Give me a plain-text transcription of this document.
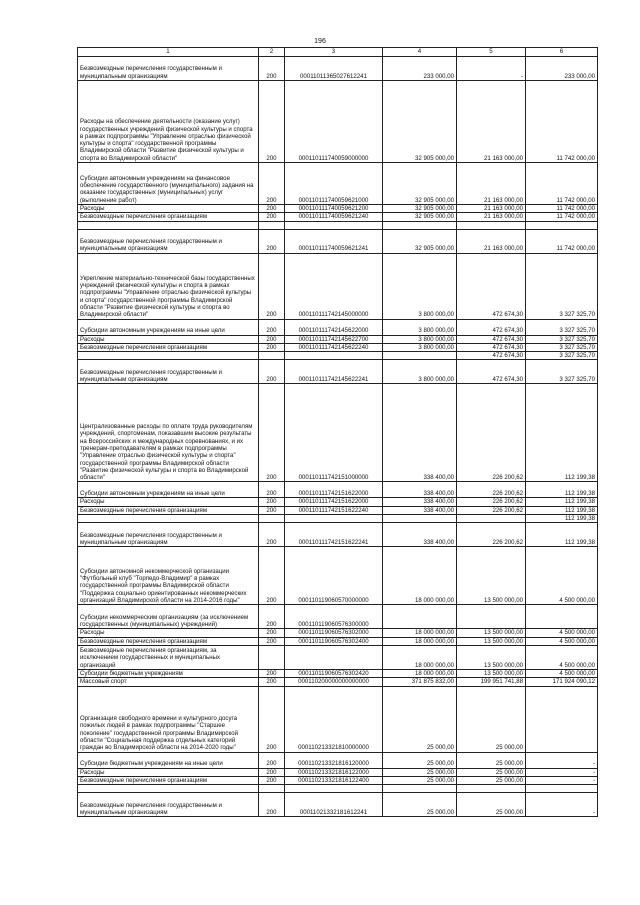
196
1	2	3	4	5	6
Безвозмездные перечисления государственным и муниципальным организациям	200	000110113650276122​41	233 000,00	-	233 000,00
Расходы на обеспечение деятельности (оказание услуг) государственных учреждений физической культуры и спорта в рамках подпрограммы "Управление отраслью физической культуры и спорта" государственной программы Владимирской области "Развитие физической культуры и спорта во Владимирской области"	200	00011011174005900000​0	32 905 000,00	21 163 000,00	11 742 000,00
Субсидии автономным учреждениям на финансовое обеспечение государственного (муниципального) задания на оказание государственных (муниципальных) услуг (выполнение работ)	200	00011011174005962100​0	32 905 000,00	21 163 000,00	11 742 000,00
Расходы	200	00011011174005962120​0	32 905 000,00	21 163 000,00	11 742 000,00
Безвозмездные перечисления организациям	200	00011011174005962124​0	32 905 000,00	21 163 000,00	11 742 000,00

Безвозмездные перечисления государственным и муниципальным организациям	200	00011011174005962124​1	32 905 000,00	21 163 000,00	11 742 000,00
Укрепление материально-технической базы государственных учреждений физической культуры и спорта в рамках подпрограммы "Управление отраслью физической культуры и спорта" государственной программы Владимирской области "Развитие физической культуры и спорта во Владимирской области"	200	00011011174214500000​0	3 800 000,00	472 674,30	3 327 325,70
Субсидии автономным учреждениям на иные цели	200	00011011174214562200​0	3 800 000,00	472 674,30	3 327 325,70
Расходы	200	00011011174214562270​0	3 800 000,00	472 674,30	3 327 325,70
Безвозмездные перечисления организациям	200	00011011174214562224​0	3 800 000,00	472 674,30	3 327 325,70
				472 674,30	3 327 325,70
Безвозмездные перечисления государственным и муниципальным организациям	200	00011011174214562224​1	3 800 000,00	472 674,30	3 327 325,70
Централизованные расходы по оплате труда руководителям учреждений, спортсменам, показавшим высокие результаты на Всероссийских и международных соревнованиях, и их тренерам-преподавателям в рамках подпрограммы "Управление отраслью физической культуры и спорта" государственной программы Владимирской области "Развитие физической культуры и спорта во Владимирской области"	200	00011011174215100000​0	338 400,00	226 200,62	112 199,38
Субсидии автономным учреждениям на иные цели	200	00011011174215162200​0	338 400,00	226 200,62	112 199,38
Расходы	200	00011011174215162200​0	338 400,00	226 200,62	112 199,38
Безвозмездные перечисления организациям	200	00011011174215162224​0	338 400,00	226 200,62	112 199,38
					112 199,38
Безвозмездные перечисления государственным и муниципальным организациям	200	00011011174215162224​1	338 400,00	226 200,62	112 199,38
Субсидии автономной некоммерческой организации "Футбольный клуб "Торпедо-Владимир" в рамках государственной программы Владимирской области "Поддержка социально ориентированных некоммерческих организаций Владимирской области на 2014-2016 годы"	200	00011011906057000000​0	18 000 000,00	13 500 000,00	4 500 000,00
Субсидии некоммерческим организациям (за исключением государственных (муниципальных) учреждений)	200	00011011906057630000​0			
Расходы	200	00011011906057630200​0	18 000 000,00	13 500 000,00	4 500 000,00
Безвозмездные перечисления организациям	200	00011011906057630240​0	18 000 000,00	13 500 000,00	4 500 000,00
Безвозмездные перечисления организациям, за исключением государственных и муниципальных организаций			18 000 000,00	13 500 000,00	4 500 000,00
Субсидии бюджетным учреждениям	200	00011011906057630242​0	18 000 000,00	13 500 000,00	4 500 000,00
Массовый спорт	200	00011020000000000000​0	371 875 832,00	199 951 741,88	171 924 090,12
Организация свободного времени и культурного досуга пожилых людей в рамках подпрограммы "Старшее поколение" государственной программы Владимирской области "Социальная поддержка отдельных категорий граждан во Владимирской области на 2014-2020 годы"	200	00011021332181000000​0	25 000,00	25 000,00	
Субсидии бюджетным учреждениям на иные цели	200	00011021332181612000​0	25 000,00	25 000,00	-
Расходы	200	00011021332181612200​0	25 000,00	25 000,00	-
Безвозмездные перечисления организациям	200	00011021332181612240​0	25 000,00	25 000,00	-

Безвозмездные перечисления государственным и муниципальным организациям	200	00011021332181612241	25 000,00	25 000,00	-
